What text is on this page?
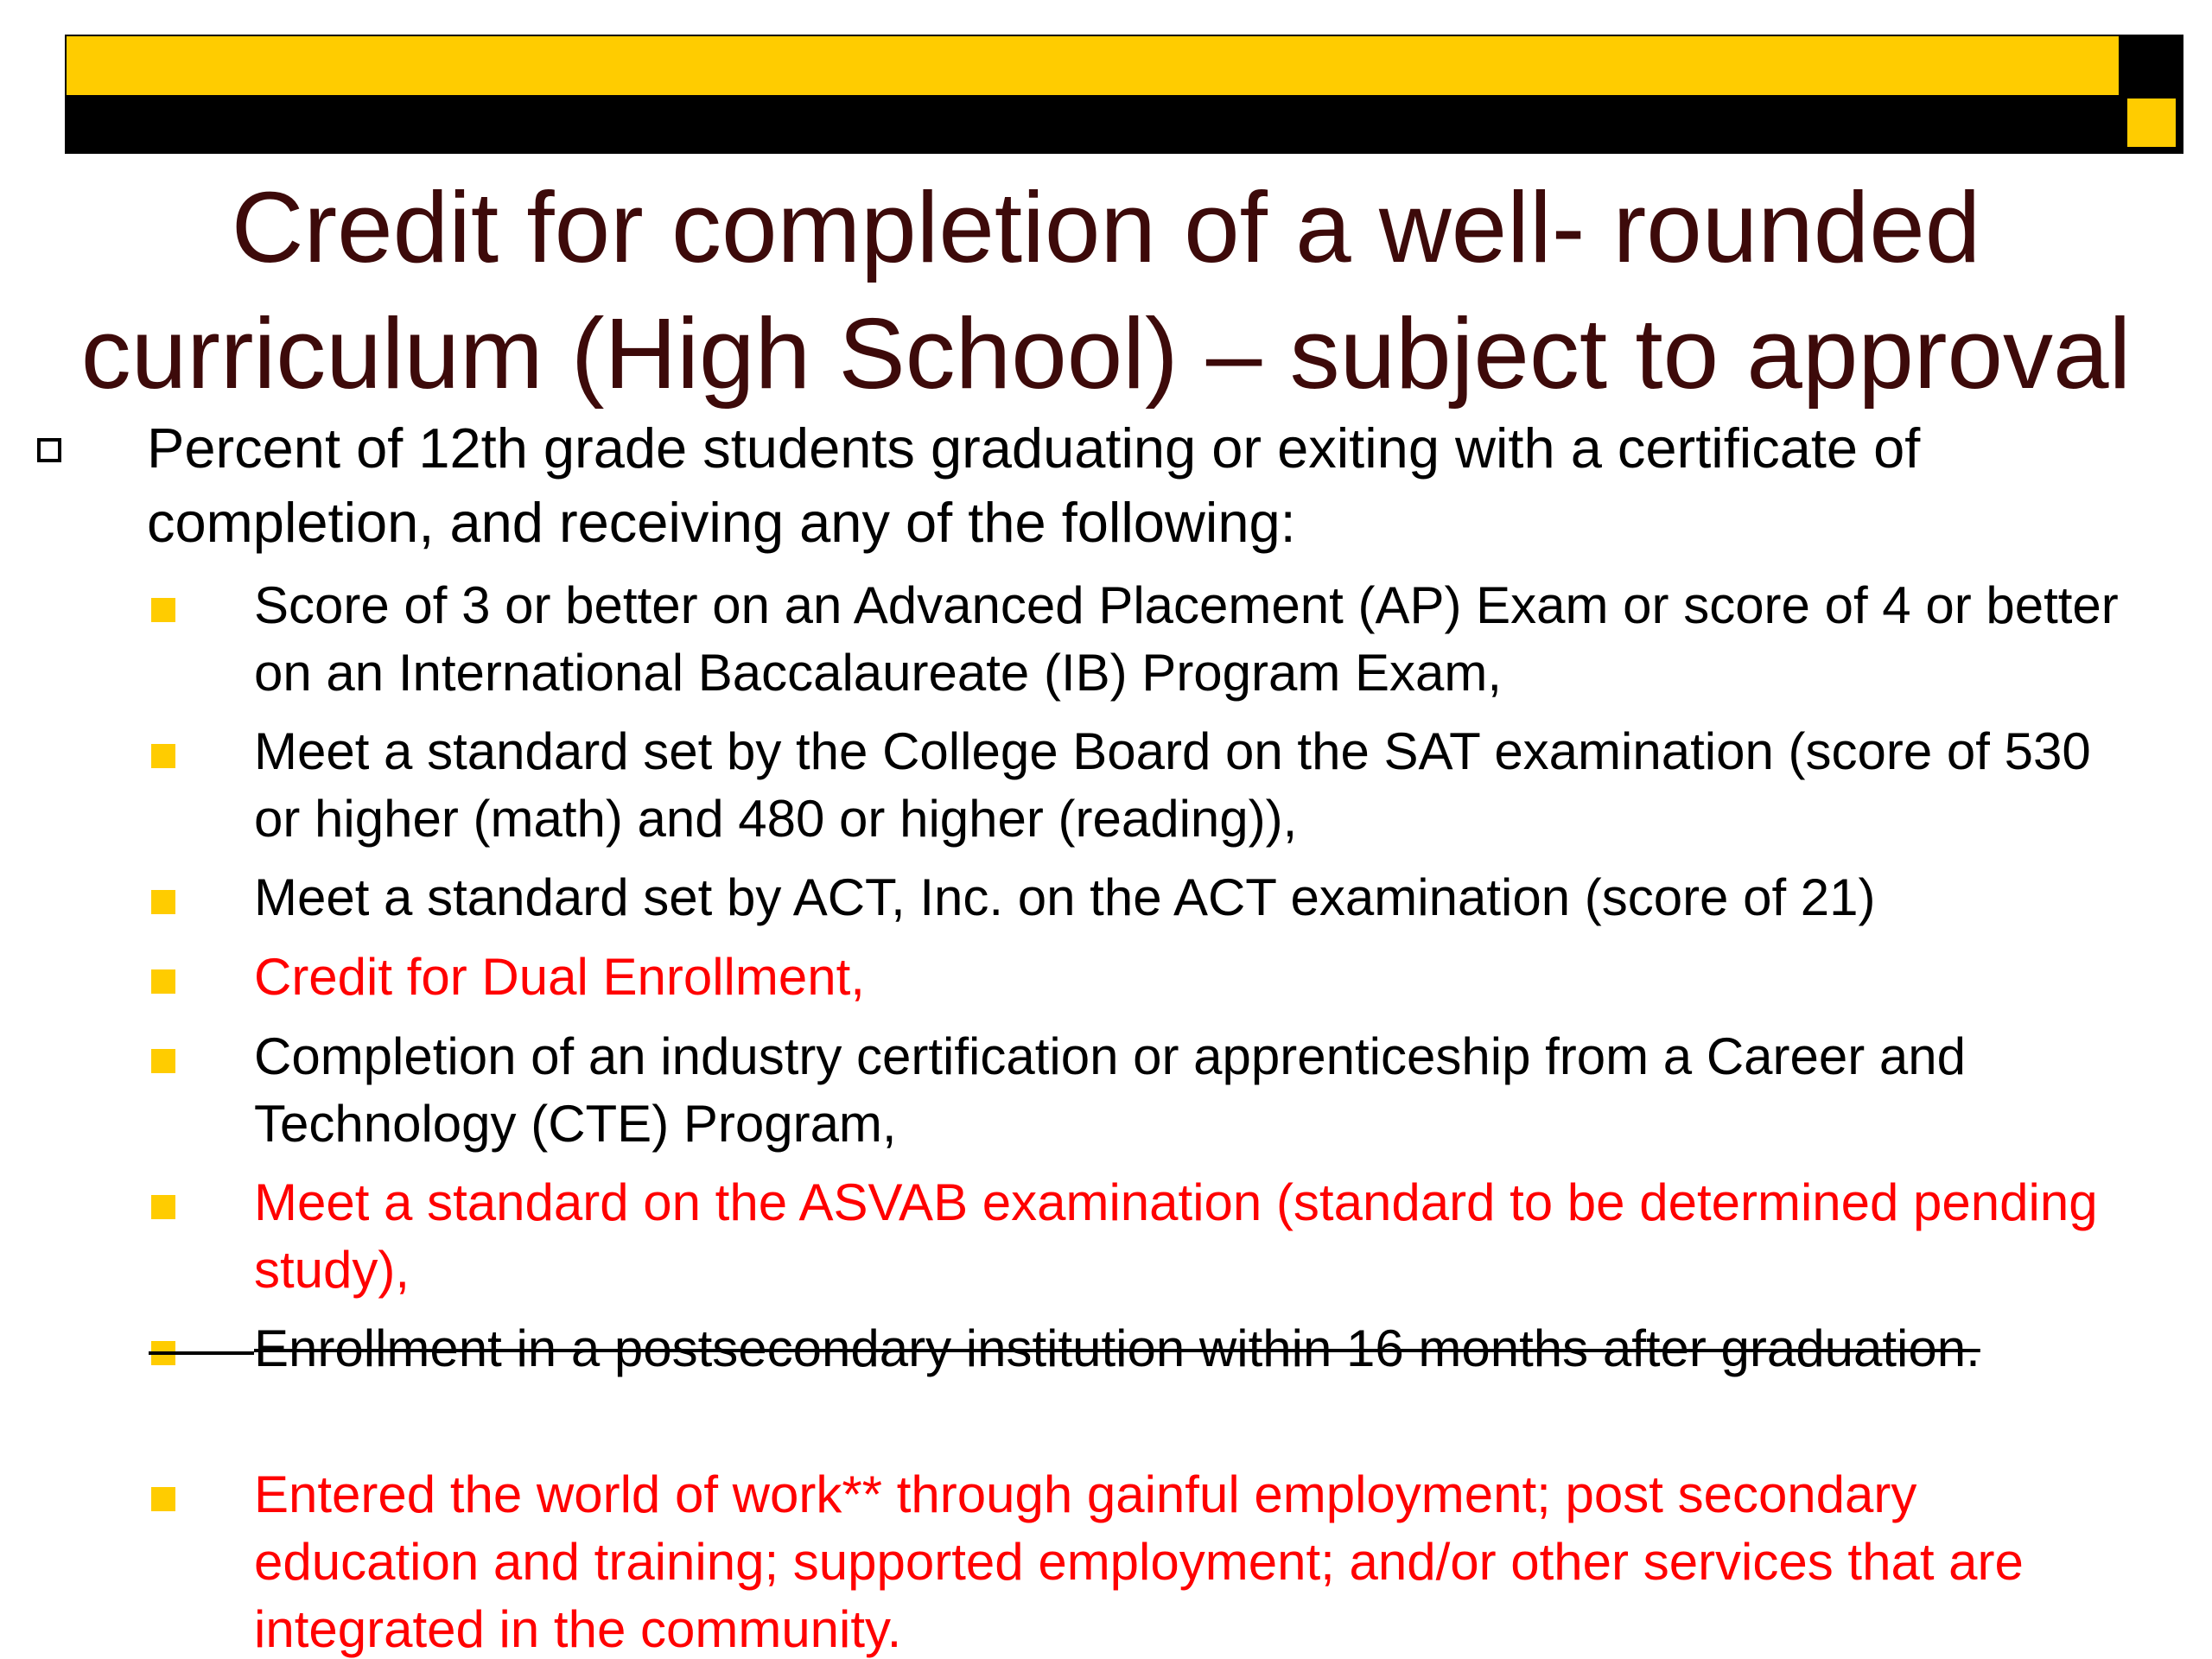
Credit for completion of a well- rounded
curriculum (High School) – subject to approval
Percent of 12th grade students graduating or exiting with a certificate of completion, and receiving any of the following:
Score of 3 or better on an Advanced Placement (AP) Exam or score of 4 or better on an International Baccalaureate (IB) Program Exam,
Meet a standard set by the College Board on the SAT examination (score of 530 or higher (math) and 480 or higher (reading)),
Meet a standard set by ACT, Inc. on the ACT examination (score of 21)
Credit for Dual Enrollment,
Completion of an industry certification or apprenticeship from a Career and Technology (CTE) Program,
Meet a standard on the ASVAB examination (standard to be determined pending study),
Enrollment in a postsecondary institution within 16 months after graduation.
Entered the world of work** through gainful employment; post secondary education and training; supported employment; and/or other services that are integrated in the community.
